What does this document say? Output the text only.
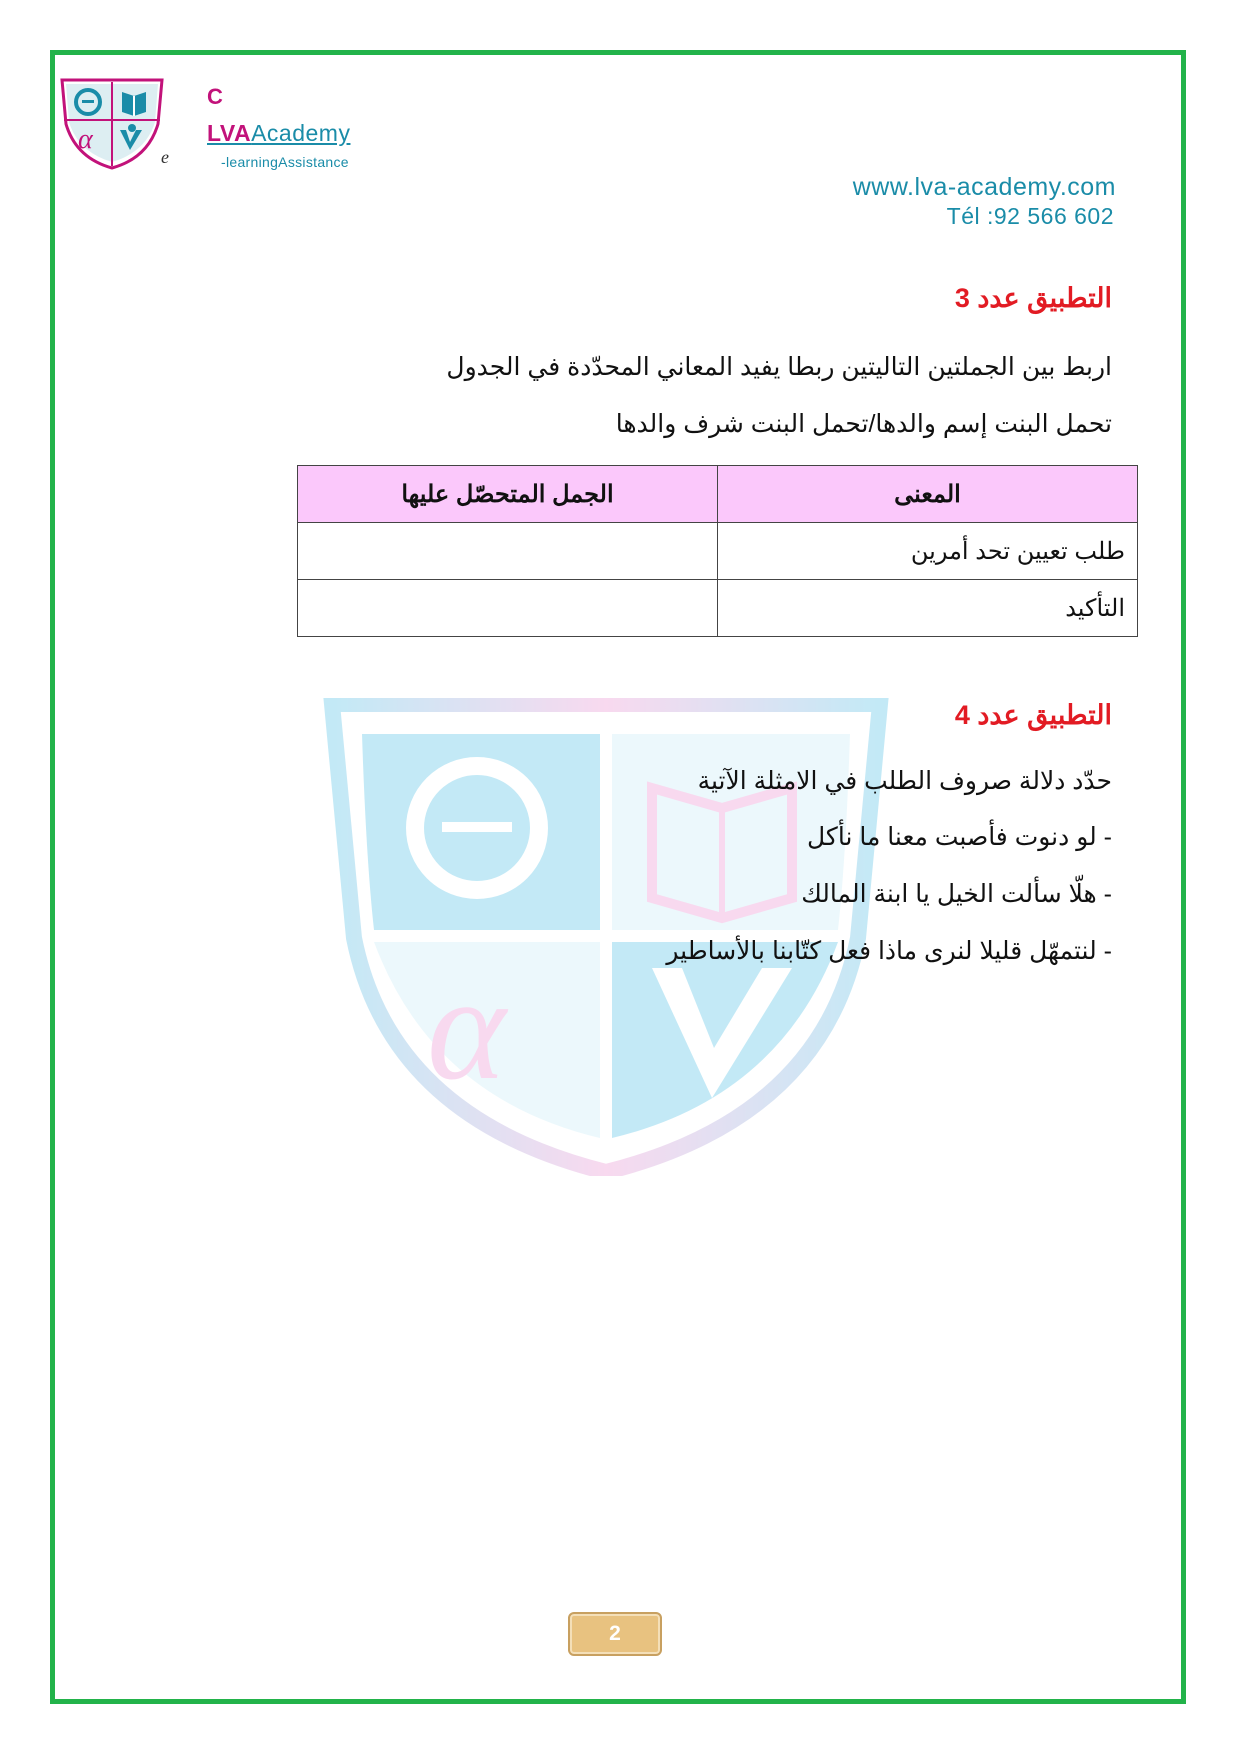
α
e
C
LVAAcademy
-learningAssistance
www.lva-academy.com
Tél :92 566 602
α
التطبيق عدد 3
اربط بين الجملتين التاليتين ربطا يفيد المعاني المحدّدة في الجدول
تحمل البنت إسم والدها/تحمل البنت شرف والدها
المعنى	الجمل المتحصّل عليها
طلب تعيين تحد أمرين	
التأكيد	
التطبيق عدد 4
حدّد دلالة صروف الطلب في الامثلة الآتية
- لو دنوت فأصبت معنا ما نأكل
- هلّا سألت الخيل يا ابنة المالك
- لنتمهّل قليلا لنرى ماذا فعل كتّابنا بالأساطير
2
